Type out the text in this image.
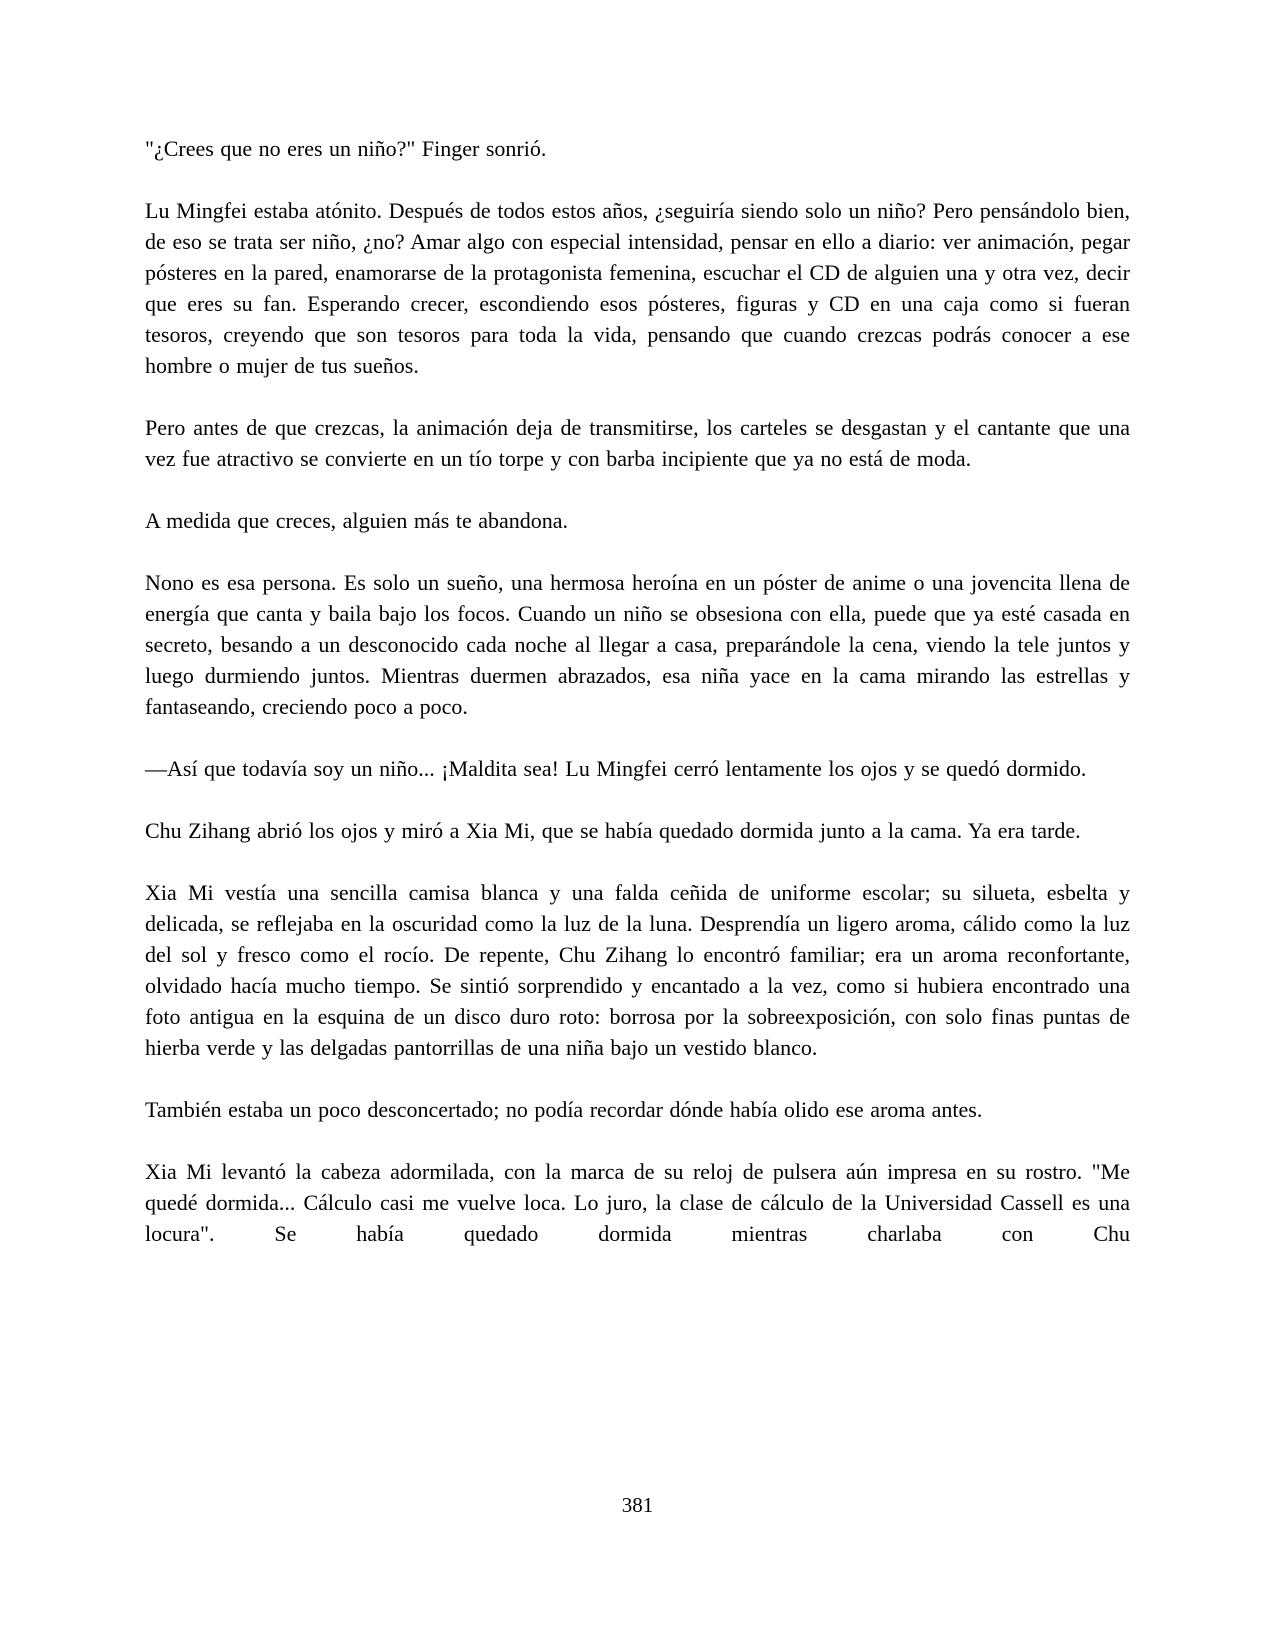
"¿Crees que no eres un niño?" Finger sonrió.

Lu Mingfei estaba atónito. Después de todos estos años, ¿seguiría siendo solo un niño? Pero pensándolo bien, de eso se trata ser niño, ¿no? Amar algo con especial intensidad, pensar en ello a diario: ver animación, pegar pósteres en la pared, enamorarse de la protagonista femenina, escuchar el CD de alguien una y otra vez, decir que eres su fan. Esperando crecer, escondiendo esos pósteres, figuras y CD en una caja como si fueran tesoros, creyendo que son tesoros para toda la vida, pensando que cuando crezcas podrás conocer a ese hombre o mujer de tus sueños.

Pero antes de que crezcas, la animación deja de transmitirse, los carteles se desgastan y el cantante que una vez fue atractivo se convierte en un tío torpe y con barba incipiente que ya no está de moda.

A medida que creces, alguien más te abandona.

Nono es esa persona. Es solo un sueño, una hermosa heroína en un póster de anime o una jovencita llena de energía que canta y baila bajo los focos. Cuando un niño se obsesiona con ella, puede que ya esté casada en secreto, besando a un desconocido cada noche al llegar a casa, preparándole la cena, viendo la tele juntos y luego durmiendo juntos. Mientras duermen abrazados, esa niña yace en la cama mirando las estrellas y fantaseando, creciendo poco a poco.

—Así que todavía soy un niño... ¡Maldita sea! Lu Mingfei cerró lentamente los ojos y se quedó dormido.

Chu Zihang abrió los ojos y miró a Xia Mi, que se había quedado dormida junto a la cama. Ya era tarde.

Xia Mi vestía una sencilla camisa blanca y una falda ceñida de uniforme escolar; su silueta, esbelta y delicada, se reflejaba en la oscuridad como la luz de la luna. Desprendía un ligero aroma, cálido como la luz del sol y fresco como el rocío. De repente, Chu Zihang lo encontró familiar; era un aroma reconfortante, olvidado hacía mucho tiempo. Se sintió sorprendido y encantado a la vez, como si hubiera encontrado una foto antigua en la esquina de un disco duro roto: borrosa por la sobreexposición, con solo finas puntas de hierba verde y las delgadas pantorrillas de una niña bajo un vestido blanco.

También estaba un poco desconcertado; no podía recordar dónde había olido ese aroma antes.

Xia Mi levantó la cabeza adormilada, con la marca de su reloj de pulsera aún impresa en su rostro. "Me quedé dormida... Cálculo casi me vuelve loca. Lo juro, la clase de cálculo de la Universidad Cassell es una locura". Se había quedado dormida mientras charlaba con Chu

381
